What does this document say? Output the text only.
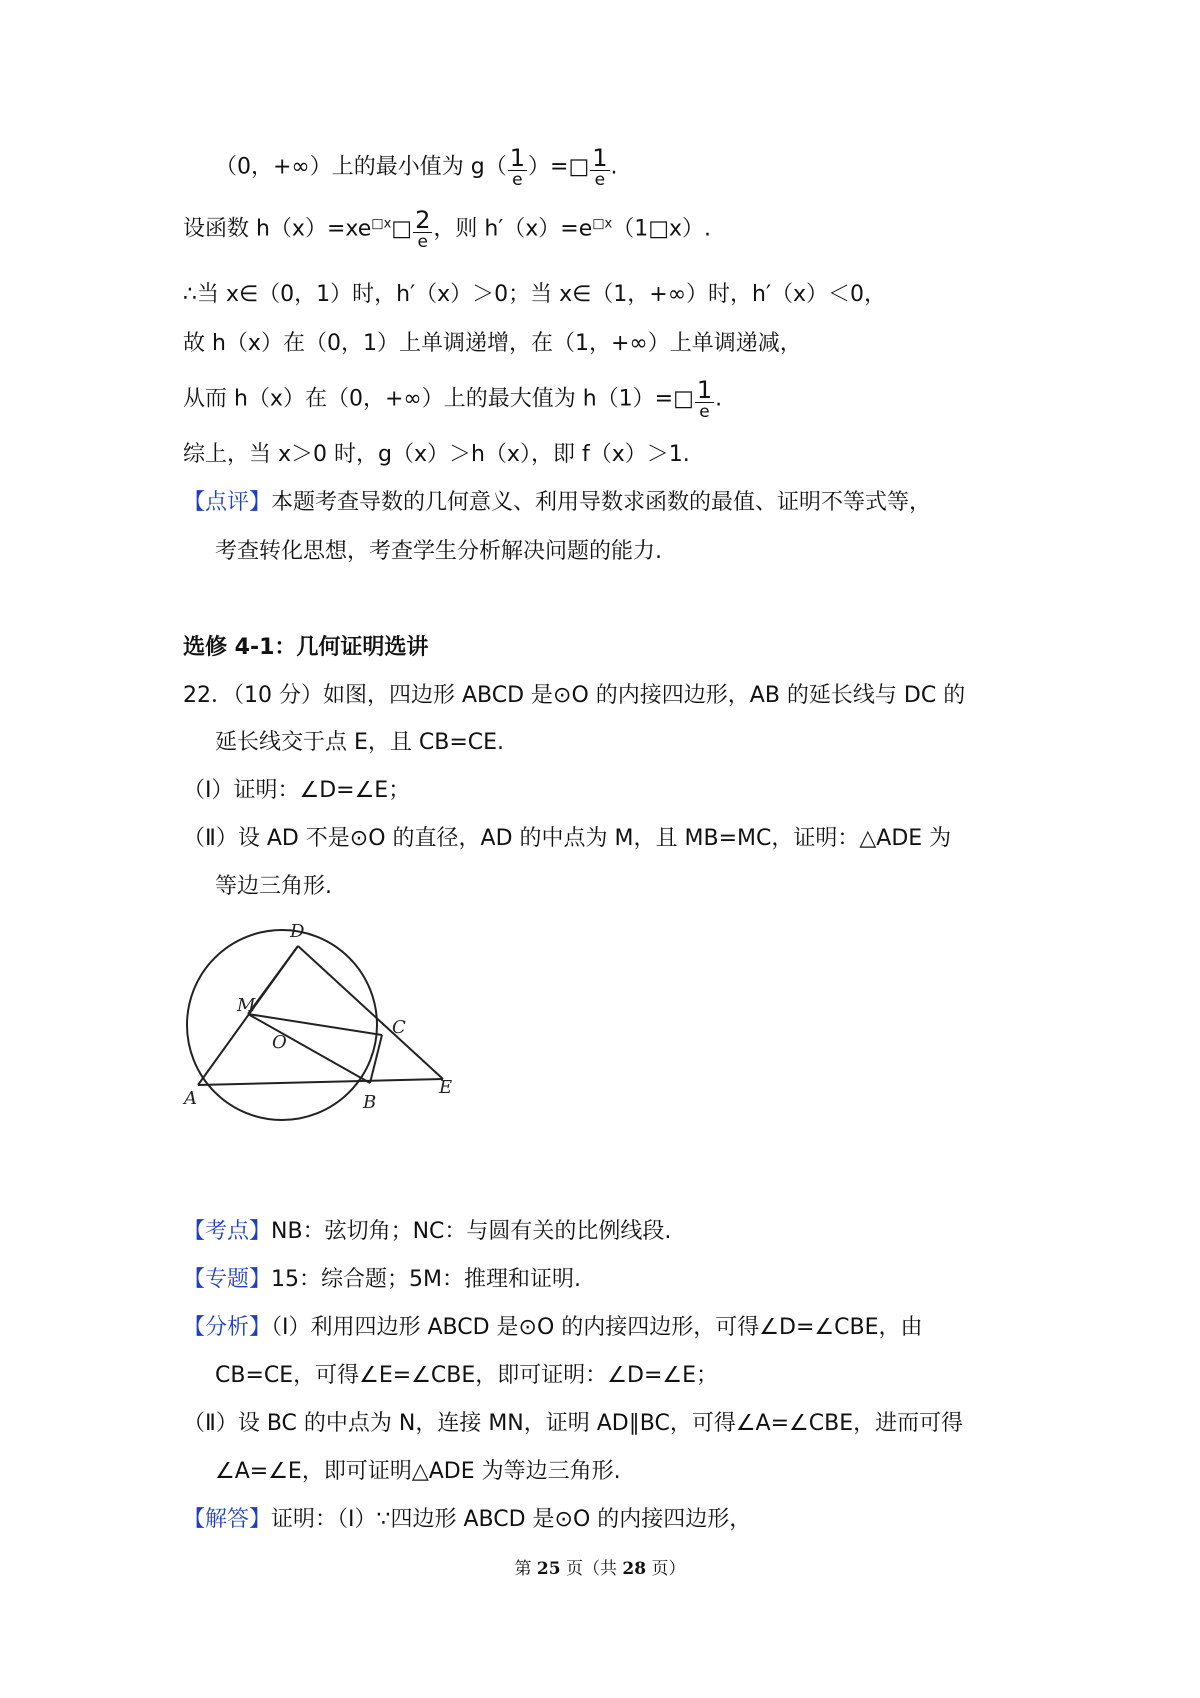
（0，+∞）上的最小值为 $g( \frac{1}{e}$ ）=□ $\frac{1}{e}$ .
设函数 $h(x)=xe^{□x}□ \frac{2}{e}$ ，则 $h'(x)=e^{□x}(1□x)$.
∴当 x∈（0，1）时，h′（x）＞0；当 x∈（1，+∞）时，h′（x）＜0，
故 h（x）在（0，1）上单调递增，在（1，+∞）上单调递减，
从而 h（x）在（0，+∞）上的最大值为 h（1）=□ $\frac{1}{e}$ .
综上，当 x＞0 时，g（x）＞h（x），即 f（x）＞1.
【点评】本题考查导数的几何意义、利用导数求函数的最值、证明不等式等，
考查转化思想，考查学生分析解决问题的能力.
选修 4-1：几何证明选讲
22．（10 分）如图，四边形 ABCD 是⊙O 的内接四边形，AB 的延长线与 DC 的
延长线交于点 E，且 CB=CE.
（Ⅰ）证明：∠D=∠E；
（Ⅱ）设 AD 不是⊙O 的直径，AD 的中点为 M，且 MB=MC，证明：△ADE 为
等边三角形.
D
M
C
O
A	B
E
【考点】NB：弦切角；NC：与圆有关的比例线段.
【专题】15：综合题；5M：推理和证明.
【分析】（Ⅰ）利用四边形 ABCD 是⊙O 的内接四边形，可得∠D=∠CBE，由
CB=CE，可得∠E=∠CBE，即可证明：∠D=∠E；
（Ⅱ）设 BC 的中点为 N，连接 MN，证明 AD∥BC，可得∠A=∠CBE，进而可得
∠A=∠E，即可证明△ADE 为等边三角形.
【解答】证明：（Ⅰ）∵四边形 ABCD 是⊙O 的内接四边形，
第 25 页（共 28 页）
